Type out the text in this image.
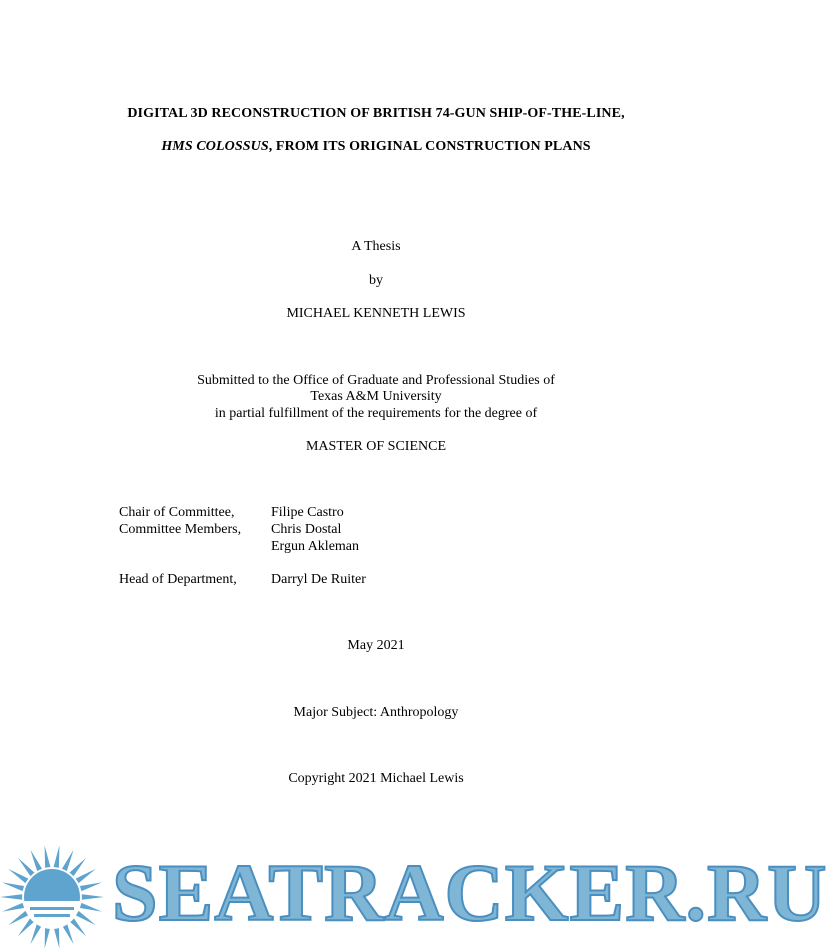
DIGITAL 3D RECONSTRUCTION OF BRITISH 74-GUN SHIP-OF-THE-LINE,
HMS COLOSSUS, FROM ITS ORIGINAL CONSTRUCTION PLANS
A Thesis
by
MICHAEL KENNETH LEWIS
Submitted to the Office of Graduate and Professional Studies of
Texas A&M University
in partial fulfillment of the requirements for the degree of
MASTER OF SCIENCE
Chair of Committee,	Filipe Castro
Committee Members, Chris Dostal
Ergun Akleman
Head of Department, Darryl De Ruiter
May 2021
Major Subject: Anthropology
Copyright 2021 Michael Lewis
SEATRACKER.RU
